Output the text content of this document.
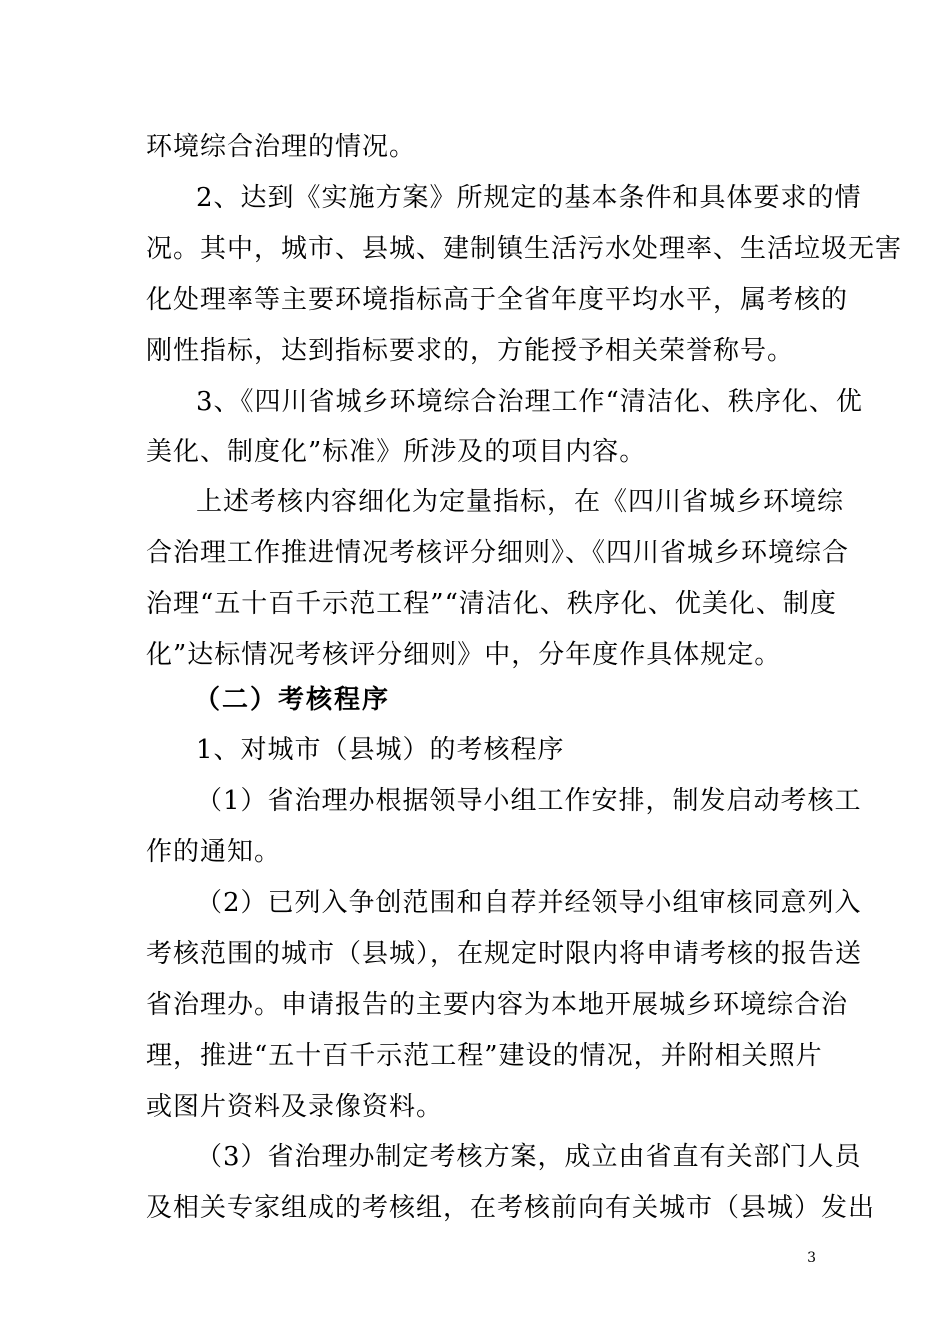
环境综合治理的情况。
2、达到《实施方案》所规定的基本条件和具体要求的情
况。其中，城市、县城、建制镇生活污水处理率、生活垃圾无害
化处理率等主要环境指标高于全省年度平均水平，属考核的
刚性指标，达到指标要求的，方能授予相关荣誉称号。
3、《四川省城乡环境综合治理工作“清洁化、秩序化、优
美化、制度化”标准》所涉及的项目内容。
上述考核内容细化为定量指标，在《四川省城乡环境综
合治理工作推进情况考核评分细则》、《四川省城乡环境综合
治理“五十百千示范工程”“清洁化、秩序化、优美化、制度
化”达标情况考核评分细则》中，分年度作具体规定。
（二）考核程序
1、对城市（县城）的考核程序
（1）省治理办根据领导小组工作安排，制发启动考核工
作的通知。
（2）已列入争创范围和自荐并经领导小组审核同意列入
考核范围的城市（县城），在规定时限内将申请考核的报告送
省治理办。申请报告的主要内容为本地开展城乡环境综合治
理，推进“五十百千示范工程”建设的情况，并附相关照片
或图片资料及录像资料。
（3）省治理办制定考核方案，成立由省直有关部门人员
及相关专家组成的考核组，在考核前向有关城市（县城）发出
3
